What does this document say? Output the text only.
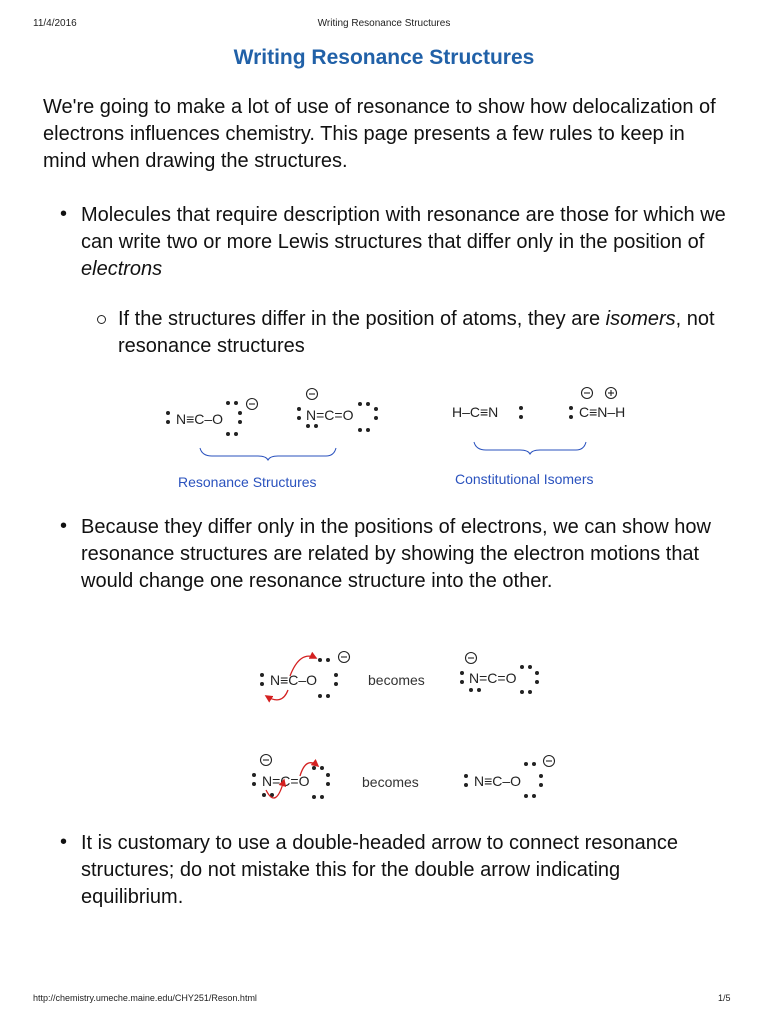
11/4/2016	Writing Resonance Structures
Writing Resonance Structures

We're going to make a lot of use of resonance to show how delocalization of electrons influences chemistry. This page presents a few rules to keep in mind when drawing the structures.

• Molecules that require description with resonance are those for which we can write two or more Lewis structures that differ only in the position of electrons

If the structures differ in the position of atoms, they are isomers, not resonance structures

N≡C–O	N=C=O	H–C≡N	C≡N–H
Resonance Structures	Constitutional Isomers
• Because they differ only in the positions of electrons, we can show how resonance structures are related by showing the electron motions that would change one resonance structure into the other.

N≡C–O	becomes	N=C=O
N=C=O	becomes	N≡C–O
• It is customary to use a double-headed arrow to connect resonance structures; do not mistake this for the double arrow indicating equilibrium.

http://chemistry.umeche.maine.edu/CHY251/Reson.html	1/5
